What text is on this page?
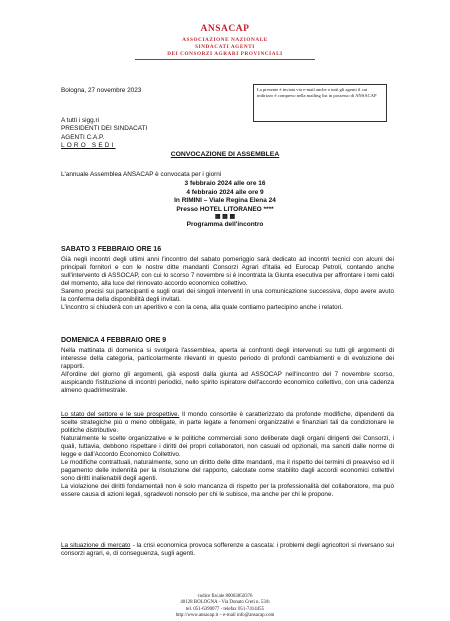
ANSACAP
ASSOCIAZIONE NAZIONALE
SINDACATI AGENTI
DEI CONSORZI AGRARI PROVINCIALI
La presente è inviata via e-mail anche a tutti gli agenti il cui indirizzo è compreso nella mailing list in possesso di ANSACAP
Bologna, 27 novembre 2023
A tutti i sigg.ri
PRESIDENTI DEI SINDACATI
AGENTI C.A.P.
LORO SEDI
CONVOCAZIONE DI ASSEMBLEA
L'annuale Assemblea ANSACAP è convocata per i giorni
3 febbraio 2024 alle ore 16
4 febbraio 2024 alle ore 9
In RIMINI – Viale Regina Elena 24
Presso HOTEL LITORANEO ****
▦ ▦ ▦
Programma dell'incontro
SABATO 3 FEBBRAIO ORE 16
Già negli incontri degli ultimi anni l'incontro del sabato pomeriggio sarà dedicato ad incontri tecnici con alcuni dei principali fornitori e con le nostre ditte mandanti Consorzi Agrari d'Italia ed Eurocap Petroli, contando anche sull'intervento di ASSOCAP, con cui lo scorso 7 novembre si è incontrata la Giunta esecutiva per affrontare i temi caldi del momento, alla luce del rinnovato accordo economico collettivo.
Saremo precisi sui partecipanti e sugli orari dei singoli interventi in una comunicazione successiva, dopo avere avuto la conferma della disponibilità degli invitati.
L'incontro si chiuderà con un aperitivo e con la cena, alla quale contiamo partecipino anche i relatori.
DOMENICA 4 FEBBRAIO ORE 9
Nella mattinata di domenica si svolgerà l'assemblea, aperta ai confronti degli intervenuti su tutti gli argomenti di interesse della categoria, particolarmente rilevanti in questo periodo di profondi cambiamenti e di evoluzione dei rapporti.
All'ordine del giorno gli argomenti, già esposti dalla giunta ad ASSOCAP nell'incontro del 7 novembre scorso, auspicando l'istituzione di incontri periodici, nello spirito ispiratore dell'accordo economico collettivo, con una cadenza almeno quadrimestrale.
Lo stato del settore e le sue prospettive. Il mondo consortile è caratterizzato da profonde modifiche, dipendenti da scelte strategiche più o meno obbligate, in parte legate a fenomeni organizzativi e finanziari tali da condizionare le politiche distributive.
Naturalmente le scelte organizzative e le politiche commerciali sono deliberate dagli organi dirigenti dei Consorzi, i quali, tuttavia, debbono rispettare i diritti dei propri collaboratori, non casuali od opzionali, ma sanciti dalle norme di legge e dall'Accordo Economico Collettivo.
Le modifiche contrattuali, naturalmente, sono un diritto delle ditte mandanti, ma il rispetto dei termini di preavviso ed il pagamento delle indennità per la risoluzione del rapporto, calcolate come stabilito dagli accordi economici collettivi sono diritti inalienabili degli agenti.
La violazione dei diritti fondamentali non è solo mancanza di rispetto per la professionalità del collaboratore, ma può essere causa di azioni legali, sgradevoli nonsolo per chi le subisce, ma anche per chi le propone.
La situazione di mercato - la crisi economica provoca sofferenze a cascata: i problemi degli agricoltori si riversano sui consorzi agrari, e, di conseguenza, sugli agenti.
codice fiscale 80063850376
40128 BOLOGNA - Via Donato Creti n. 53/b
tel. 051-6390077 - telefax 051-7414455
http://www.ansacap.it – e-mail info@ansacap.com
